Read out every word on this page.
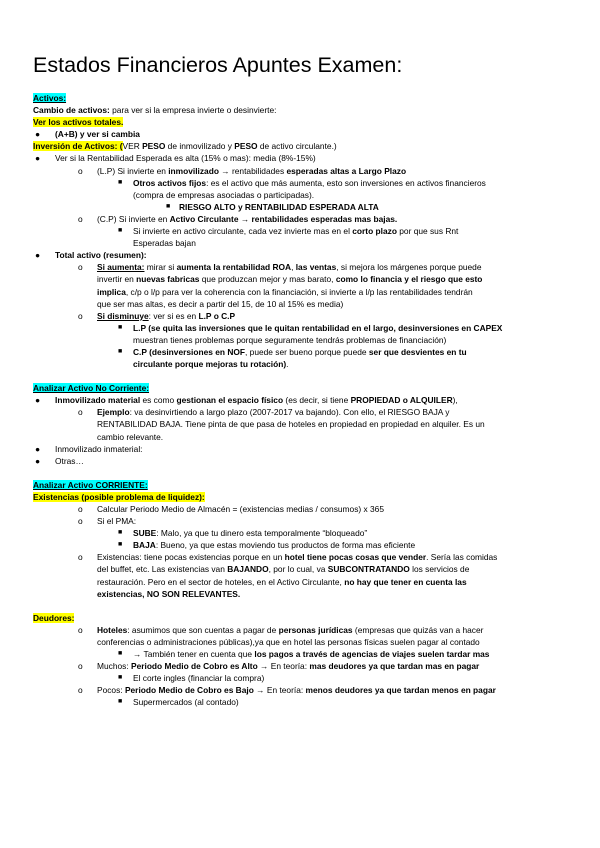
Estados Financieros Apuntes Examen:
Activos:
Cambio de activos: para ver si la empresa invierte o desinvierte:
Ver los activos totales.
● (A+B) y ver si cambia
Inversión de Activos: (VER PESO de inmovilizado y PESO de activo circulante.)
● Ver si la Rentabilidad Esperada es alta (15% o mas): media (8%-15%)
o (L.P) Si invierte en inmovilizado → rentabilidades esperadas altas a Largo Plazo
■ Otros activos fijos: es el activo que más aumenta, esto son inversiones en activos financieros
(compra de empresas asociadas o participadas).
■ RIESGO ALTO y RENTABILIDAD ESPERADA ALTA
o (C.P) Si invierte en Activo Circulante → rentabilidades esperadas mas bajas.
■ Si invierte en activo circulante, cada vez invierte mas en el corto plazo por que sus Rnt
Esperadas bajan
● Total activo (resumen):
o Si aumenta: mirar si aumenta la rentabilidad ROA, las ventas, si mejora los márgenes porque puede
invertir en nuevas fabricas que produzcan mejor y mas barato, como lo financia y el riesgo que esto
implica, c/p o l/p para ver la coherencia con la financiación, si invierte a l/p las rentabilidades tendrán
que ser mas altas, es decir a partir del 15, de 10 al 15% es media)
o Si disminuye: ver si es en L.P o C.P
■ L.P (se quita las inversiones que le quitan rentabilidad en el largo, desinversiones en CAPEX
muestran tienes problemas porque seguramente tendrás problemas de financiación)
■ C.P (desinversiones en NOF, puede ser bueno porque puede ser que desvientes en tu
circulante porque mejoras tu rotación).
Analizar Activo No Corriente:
● Inmovilizado material es como gestionan el espacio físico (es decir, si tiene PROPIEDAD o ALQUILER),
o Ejemplo: va desinvirtiendo a largo plazo (2007-2017 va bajando). Con ello, el RIESGO BAJA y
RENTABILIDAD BAJA. Tiene pinta de que pasa de hoteles en propiedad en propiedad en alquiler. Es un
cambio relevante.
● Inmovilizado inmaterial:
● Otras…
Analizar Activo CORRIENTE:
Existencias (posible problema de liquidez):
o Calcular Periodo Medio de Almacén = (existencias medias / consumos) x 365
o Si el PMA:
■ SUBE: Malo, ya que tu dinero esta temporalmente “bloqueado”
■ BAJA: Bueno, ya que estas moviendo tus productos de forma mas eficiente
o Existencias: tiene pocas existencias porque en un hotel tiene pocas cosas que vender. Sería las comidas
del buffet, etc. Las existencias van BAJANDO, por lo cual, va SUBCONTRATANDO los servicios de
restauración. Pero en el sector de hoteles, en el Activo Circulante, no hay que tener en cuenta las
existencias, NO SON RELEVANTES.
Deudores:
o Hoteles: asumimos que son cuentas a pagar de personas jurídicas (empresas que quizás van a hacer
conferencias o administraciones públicas),ya que en hotel las personas físicas suelen pagar al contado
■ → También tener en cuenta que los pagos a través de agencias de viajes suelen tardar mas
o Muchos: Periodo Medio de Cobro es Alto → En teoría: mas deudores ya que tardan mas en pagar
■ El corte ingles (financiar la compra)
o Pocos: Periodo Medio de Cobro es Bajo → En teoría: menos deudores ya que tardan menos en pagar
■ Supermercados (al contado)
